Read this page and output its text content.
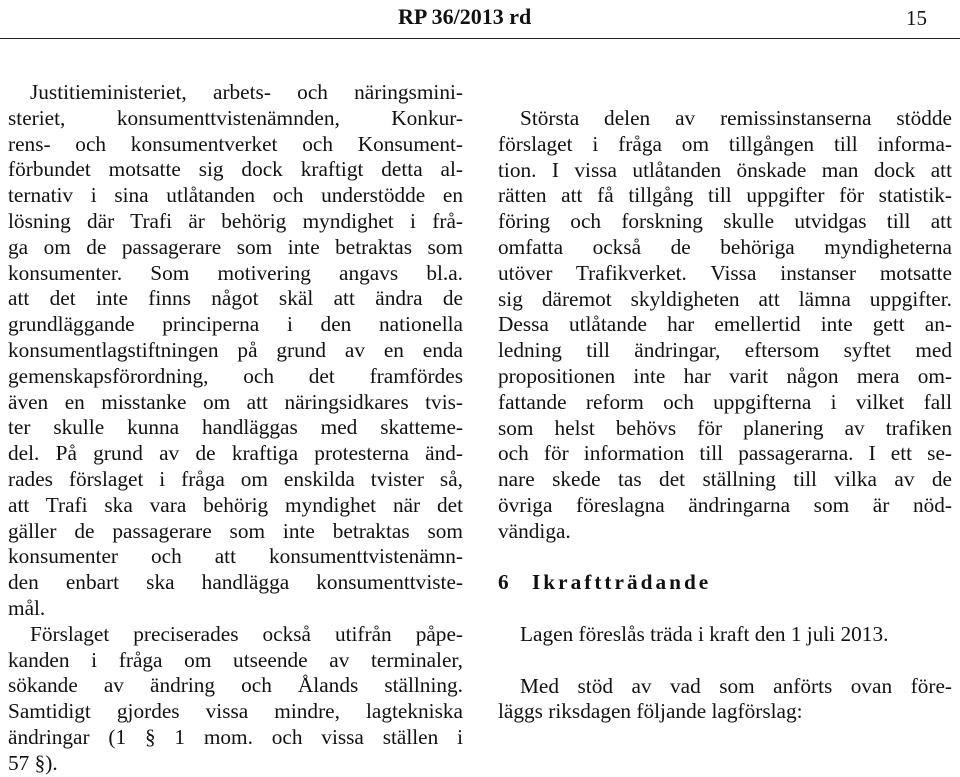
RP 36/2013 rd	15
Justitieministeriet, arbets- och näringsmini-
steriet, konsumenttvistenämnden, Konkur-
rens- och konsumentverket och Konsument-
förbundet motsatte sig dock kraftigt detta al-
ternativ i sina utlåtanden och understödde en
lösning där Trafi är behörig myndighet i frå-
ga om de passagerare som inte betraktas som
konsumenter. Som motivering angavs bl.a.
att det inte finns något skäl att ändra de
grundläggande principerna i den nationella
konsumentlagstiftningen på grund av en enda
gemenskapsförordning, och det framfördes
även en misstanke om att näringsidkares tvis-
ter skulle kunna handläggas med skatteme-
del. På grund av de kraftiga protesterna änd-
rades förslaget i fråga om enskilda tvister så,
att Trafi ska vara behörig myndighet när det
gäller de passagerare som inte betraktas som
konsumenter och att konsumenttvistenämn-
den enbart ska handlägga konsumenttviste-
mål.
Förslaget preciserades också utifrån påpe-
kanden i fråga om utseende av terminaler,
sökande av ändring och Ålands ställning.
Samtidigt gjordes vissa mindre, lagtekniska
ändringar (1 § 1 mom. och vissa ställen i
57 §).
Största delen av remissinstanserna stödde
förslaget i fråga om tillgången till informa-
tion. I vissa utlåtanden önskade man dock att
rätten att få tillgång till uppgifter för statistik-
föring och forskning skulle utvidgas till att
omfatta också de behöriga myndigheterna
utöver Trafikverket. Vissa instanser motsatte
sig däremot skyldigheten att lämna uppgifter.
Dessa utlåtande har emellertid inte gett an-
ledning till ändringar, eftersom syftet med
propositionen inte har varit någon mera om-
fattande reform och uppgifterna i vilket fall
som helst behövs för planering av trafiken
och för information till passagerarna. I ett se-
nare skede tas det ställning till vilka av de
övriga föreslagna ändringarna som är nöd-
vändiga.
6 Ikraftträdande
Lagen föreslås träda i kraft den 1 juli 2013.
Med stöd av vad som anförts ovan före-
läggs riksdagen följande lagförslag:
